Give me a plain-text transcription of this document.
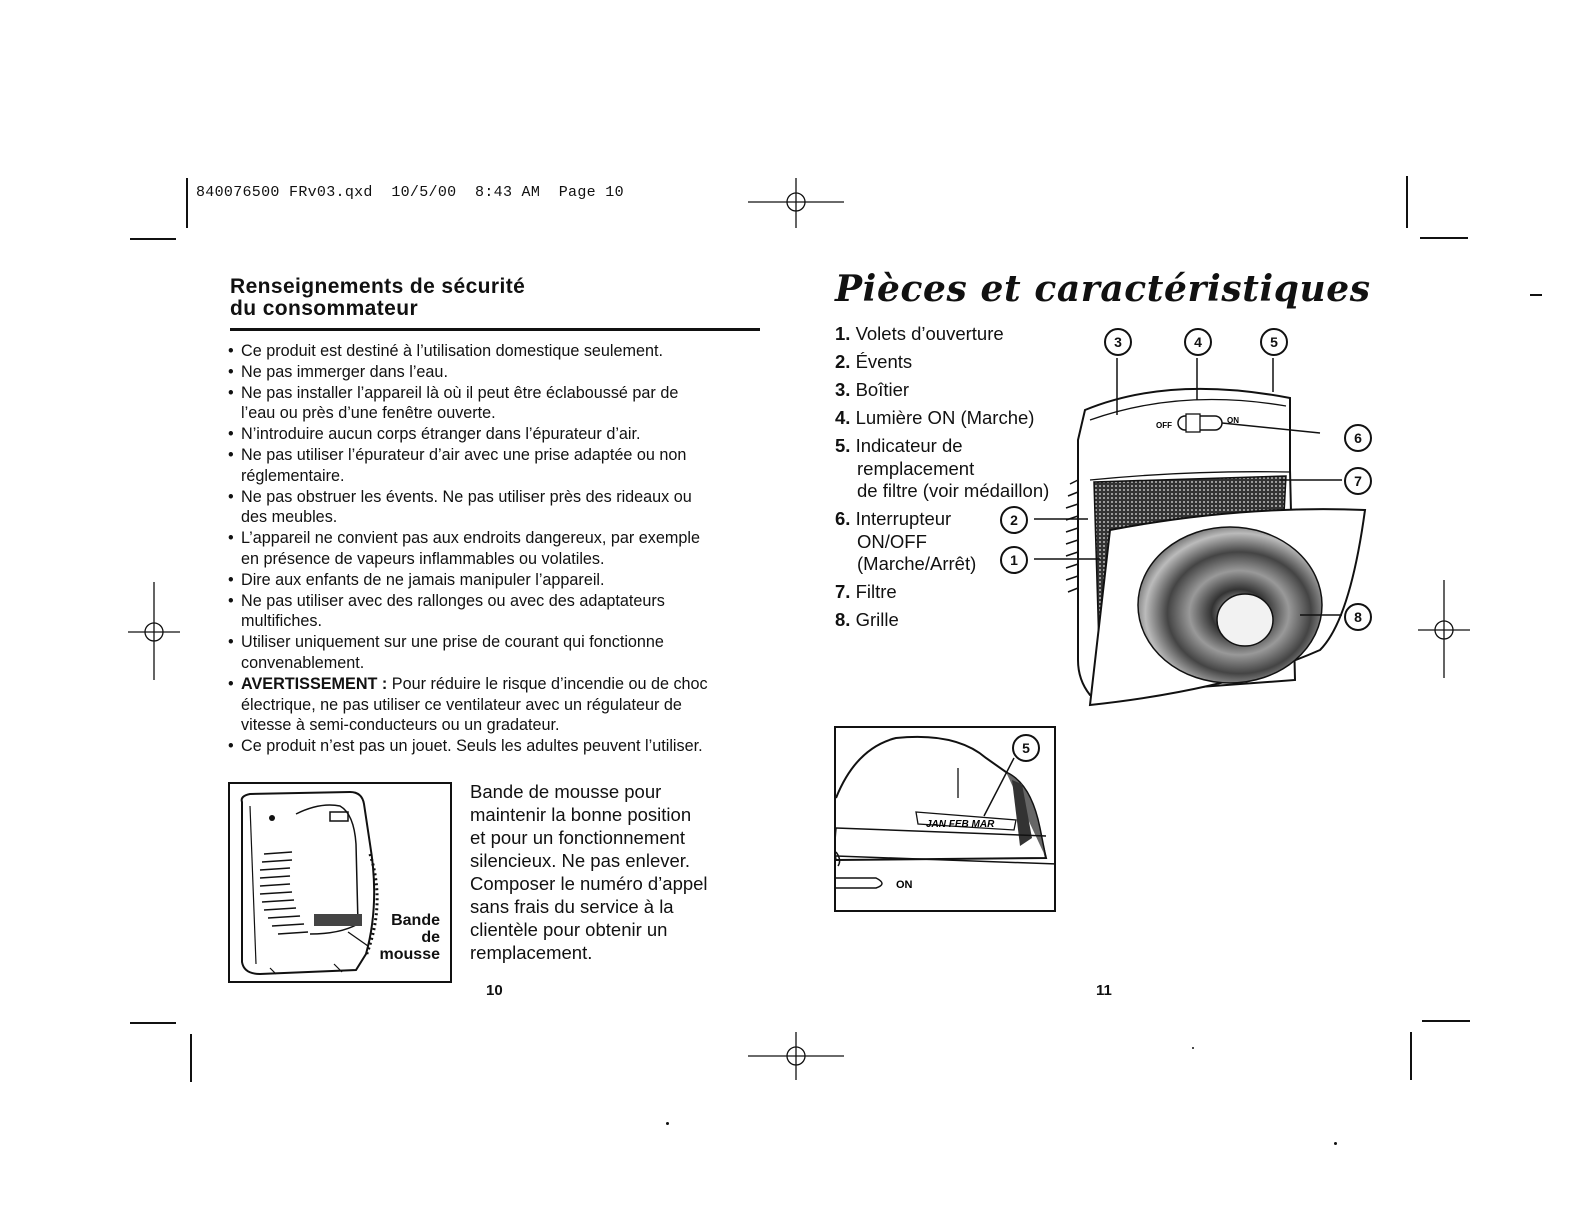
840076500 FRv03.qxd  10/5/00  8:43 AM  Page 10
Renseignements de sécurité
du consommateur
• Ce produit est destiné à l’utilisation domestique seulement.
• Ne pas immerger dans l’eau.
• Ne pas installer l’appareil là où il peut être éclaboussé par de
l’eau ou près d’une fenêtre ouverte.
• N’introduire aucun corps étranger dans l’épurateur d’air.
• Ne pas utiliser l’épurateur d’air avec une prise adaptée ou non
réglementaire.
• Ne pas obstruer les évents. Ne pas utiliser près des rideaux ou
des meubles.
• L’appareil ne convient pas aux endroits dangereux, par exemple
en présence de vapeurs inflammables ou volatiles.
• Dire aux enfants de ne jamais manipuler l’appareil.
• Ne pas utiliser avec des rallonges ou avec des adaptateurs
multifiches.
• Utiliser uniquement sur une prise de courant qui fonctionne
convenablement.
• AVERTISSEMENT : Pour réduire le risque d’incendie ou de choc
électrique, ne pas utiliser ce ventilateur avec un régulateur de
vitesse à semi-conducteurs ou un gradateur.
• Ce produit n’est pas un jouet. Seuls les adultes peuvent l’utiliser.
Bande
de
mousse
Bande de mousse pour
maintenir la bonne position
et pour un fonctionnement
silencieux. Ne pas enlever.
Composer le numéro d’appel
sans frais du service à la
clientèle pour obtenir un
remplacement.
10
Pièces et caractéristiques
1. Volets d’ouverture
2. Évents
3. Boîtier
4. Lumière ON (Marche)
5. Indicateur de
remplacement
de filtre (voir médaillon)
6. Interrupteur
ON/OFF
(Marche/Arrêt)
7. Filtre
8. Grille
OFF
ON
3	4	5
6
7
2
1
8
JAN FEB MAR
ON
5
11
